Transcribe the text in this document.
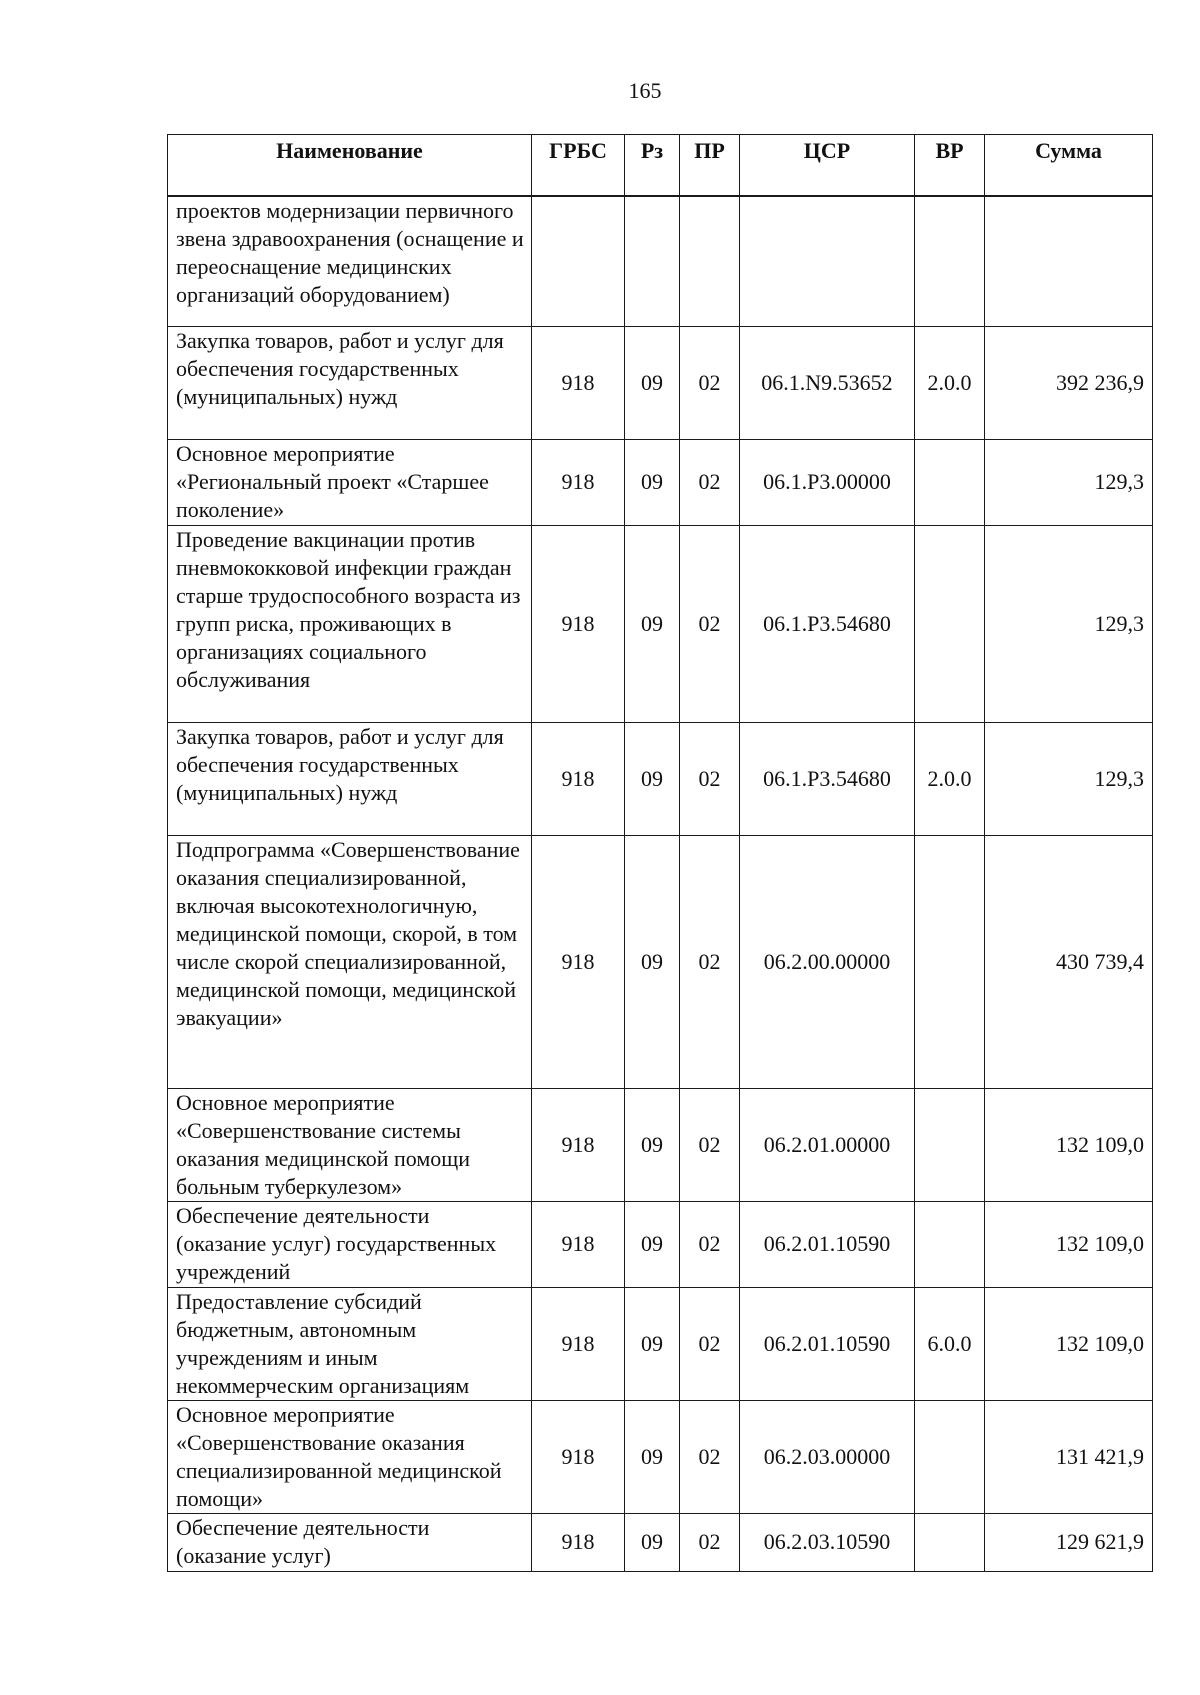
165
Наименование	ГРБС	Рз	ПР	ЦСР	ВР	Сумма
проектов модернизации первичного звена здравоохранения (оснащение и переоснащение медицинских организаций оборудованием)						
Закупка товаров, работ и услуг для обеспечения государственных (муниципальных) нужд	918	09	02	06.1.N9.53652	2.0.0	392 236,9
Основное мероприятие «Региональный проект «Старшее поколение»	918	09	02	06.1.P3.00000		129,3
Проведение вакцинации против пневмококковой инфекции граждан старше трудоспособного возраста из групп риска, проживающих в организациях социального обслуживания	918	09	02	06.1.P3.54680		129,3
Закупка товаров, работ и услуг для обеспечения государственных (муниципальных) нужд	918	09	02	06.1.P3.54680	2.0.0	129,3
Подпрограмма «Совершенствование оказания специализированной, включая высокотехнологичную, медицинской помощи, скорой, в том числе скорой специализированной, медицинской помощи, медицинской эвакуации»	918	09	02	06.2.00.00000		430 739,4
Основное мероприятие «Совершенствование системы оказания медицинской помощи больным туберкулезом»	918	09	02	06.2.01.00000		132 109,0
Обеспечение деятельности (оказание услуг) государственных учреждений	918	09	02	06.2.01.10590		132 109,0
Предоставление субсидий бюджетным, автономным учреждениям и иным некоммерческим организациям	918	09	02	06.2.01.10590	6.0.0	132 109,0
Основное мероприятие «Совершенствование оказания специализированной медицинской помощи»	918	09	02	06.2.03.00000		131 421,9
Обеспечение деятельности (оказание услуг)	918	09	02	06.2.03.10590		129 621,9
